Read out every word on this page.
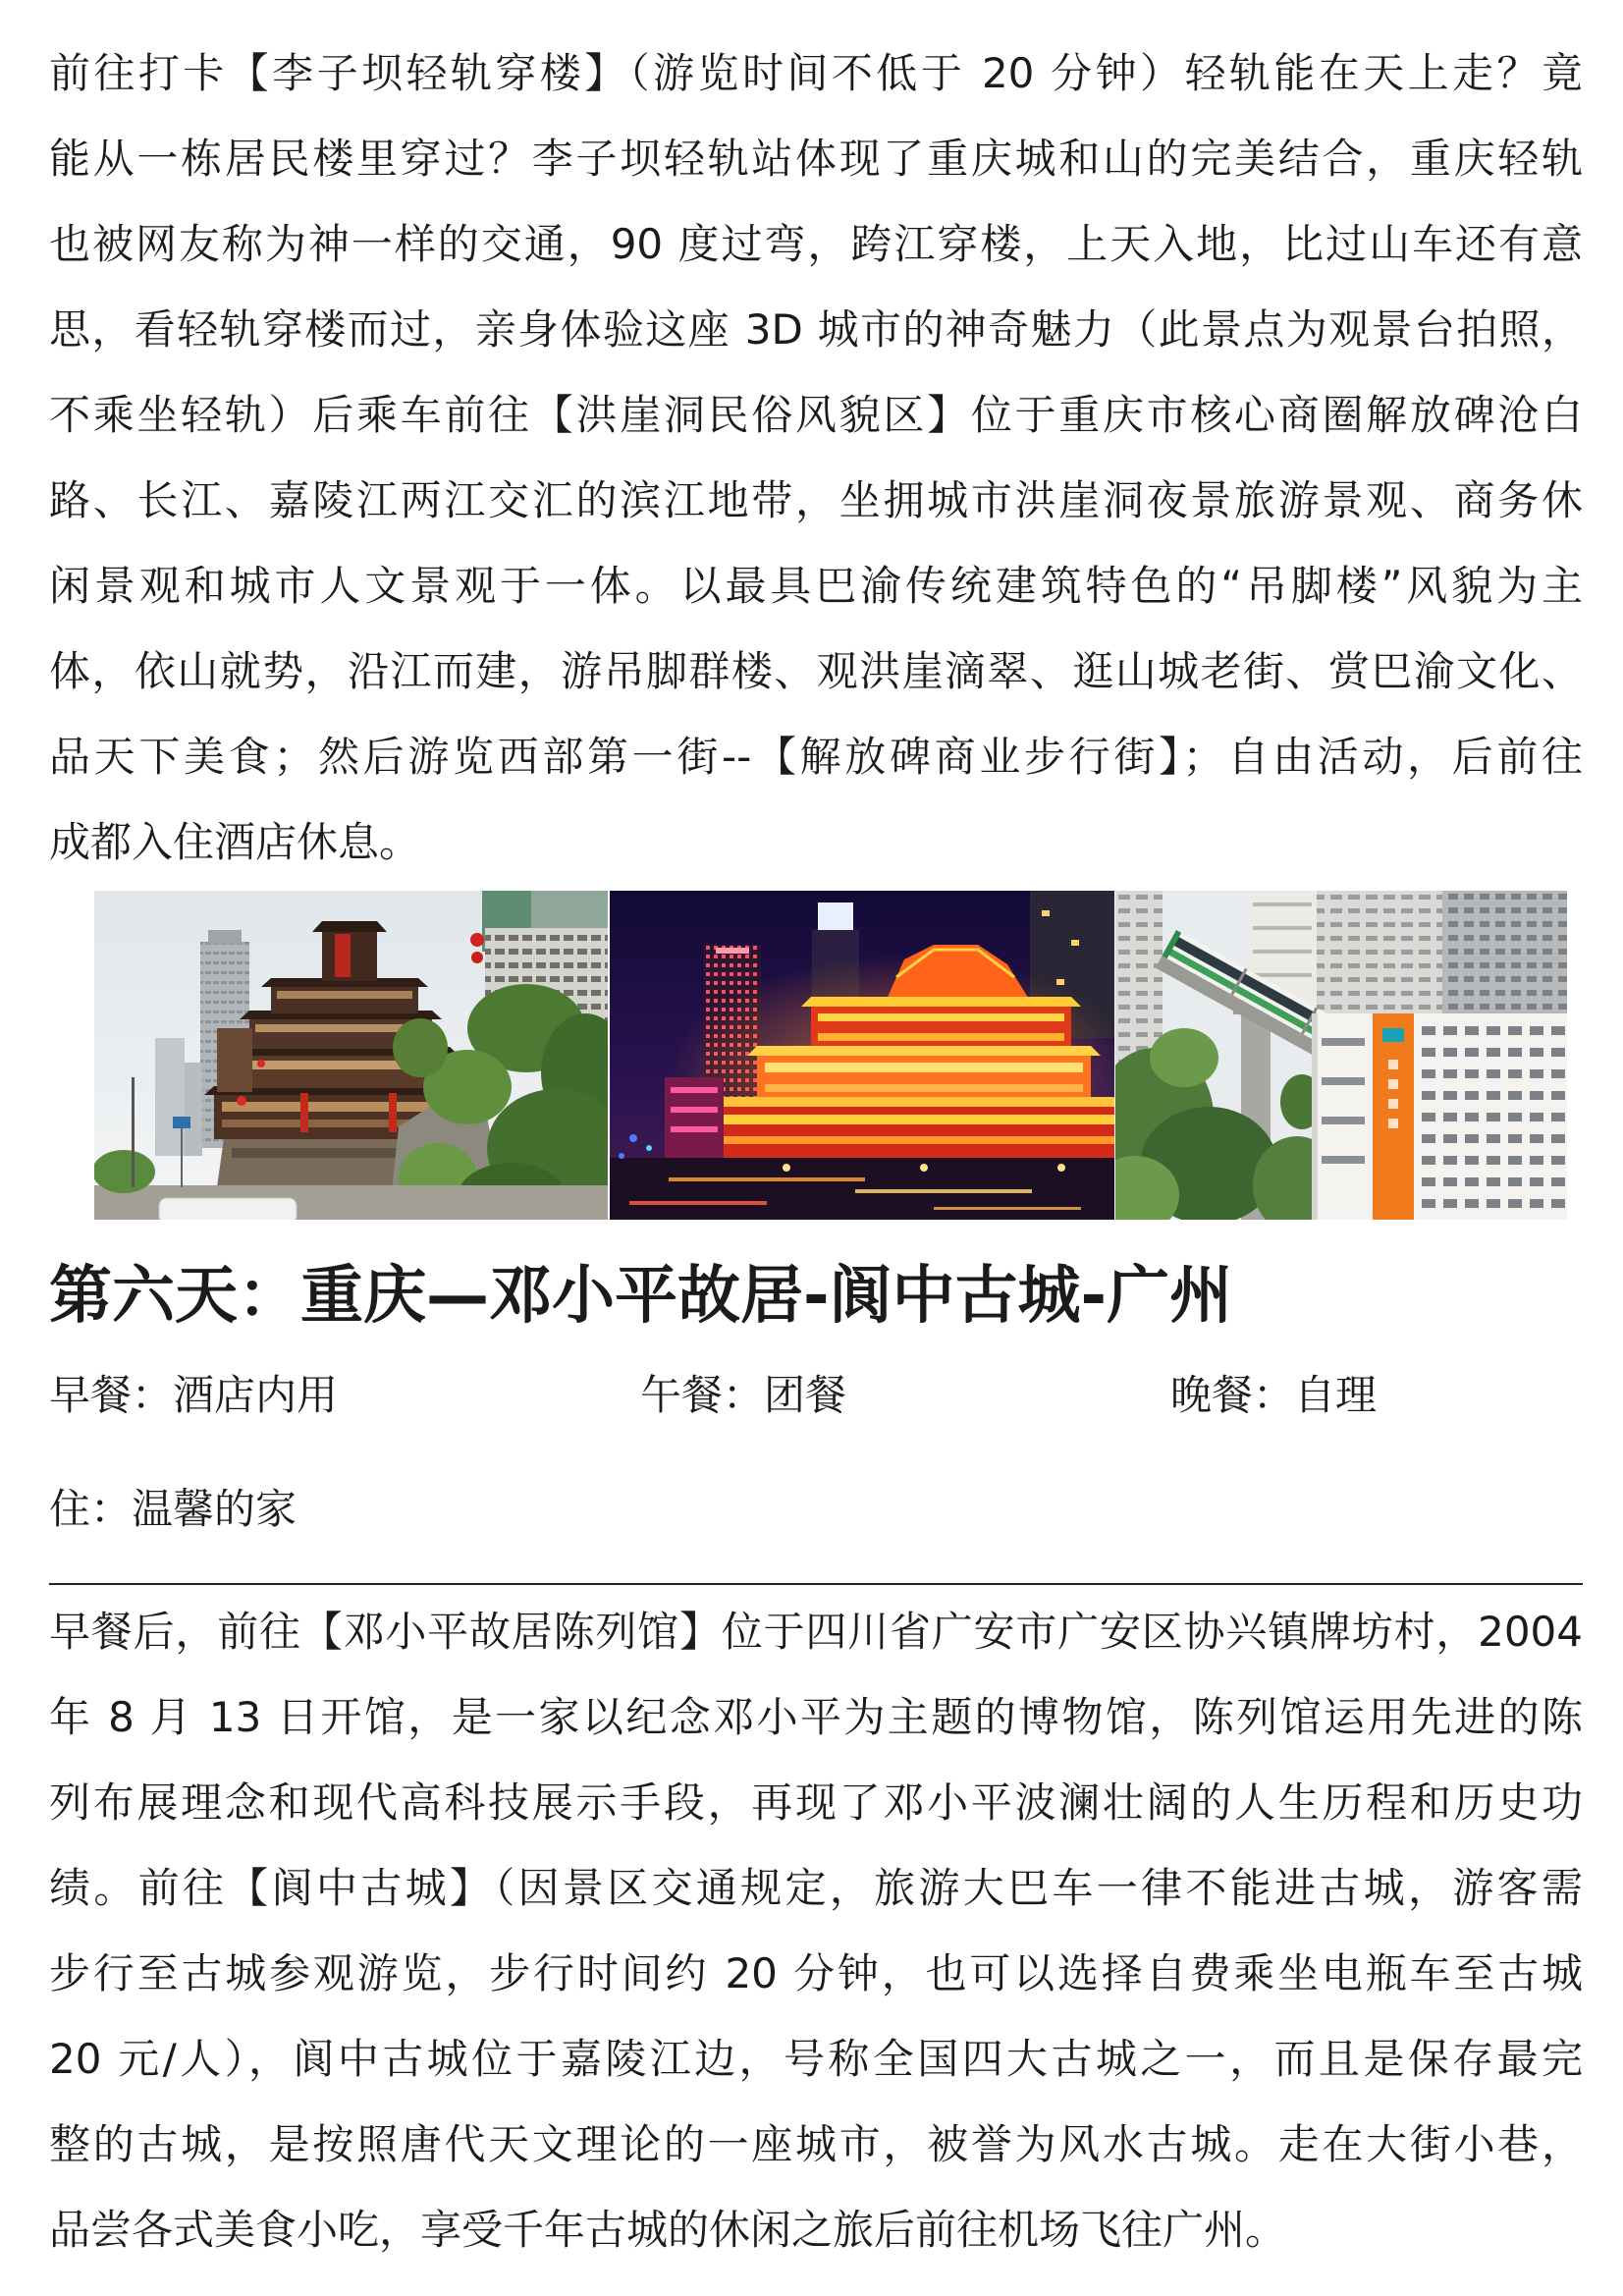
前往打卡【李子坝轻轨穿楼】（游览时间不低于 20 分钟）轻轨能在天上走？竟
能从一栋居民楼里穿过？李子坝轻轨站体现了重庆城和山的完美结合，重庆轻轨
也被网友称为神一样的交通，90 度过弯，跨江穿楼，上天入地，比过山车还有意
思，看轻轨穿楼而过，亲身体验这座 3D 城市的神奇魅力（此景点为观景台拍照，
不乘坐轻轨）后乘车前往【洪崖洞民俗风貌区】位于重庆市核心商圈解放碑沧白
路、长江、嘉陵江两江交汇的滨江地带，坐拥城市洪崖洞夜景旅游景观、商务休
闲景观和城市人文景观于一体。以最具巴渝传统建筑特色的“吊脚楼”风貌为主
体，依山就势，沿江而建，游吊脚群楼、观洪崖滴翠、逛山城老街、赏巴渝文化、
品天下美食；然后游览西部第一街--【解放碑商业步行街】；自由活动，后前往
成都入住酒店休息。
第六天：重庆—邓小平故居-阆中古城-广州
早餐：酒店内用	午餐：团餐	晚餐：自理
住：温馨的家
早餐后，前往【邓小平故居陈列馆】位于四川省广安市广安区协兴镇牌坊村，2004
年 8 月 13 日开馆，是一家以纪念邓小平为主题的博物馆，陈列馆运用先进的陈
列布展理念和现代高科技展示手段，再现了邓小平波澜壮阔的人生历程和历史功
绩。前往【阆中古城】（因景区交通规定，旅游大巴车一律不能进古城，游客需
步行至古城参观游览，步行时间约 20 分钟，也可以选择自费乘坐电瓶车至古城
20 元/人），阆中古城位于嘉陵江边，号称全国四大古城之一，而且是保存最完
整的古城，是按照唐代天文理论的一座城市，被誉为风水古城。走在大街小巷，
品尝各式美食小吃，享受千年古城的休闲之旅后前往机场飞往广州。
